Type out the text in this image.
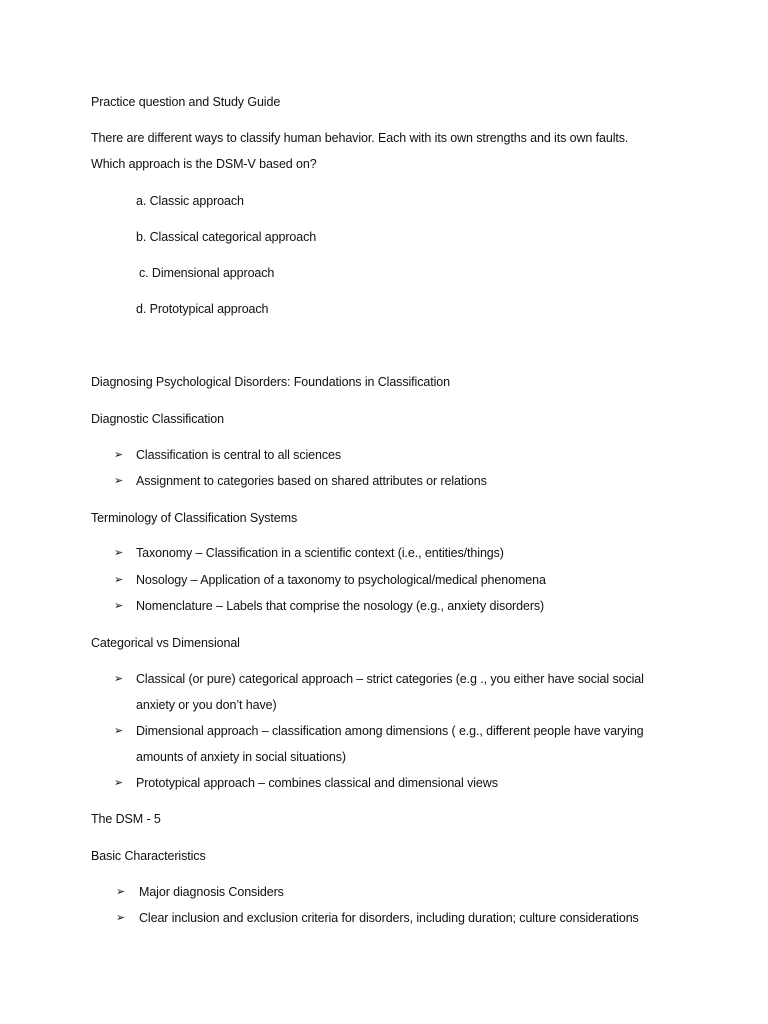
Practice question and Study Guide
There are different ways to classify human behavior. Each with its own strengths and its own faults.
Which approach is the DSM-V based on?
a. Classic approach
b. Classical categorical approach
c. Dimensional approach
d. Prototypical approach
Diagnosing Psychological Disorders: Foundations in Classification
Diagnostic Classification
➢ Classification is central to all sciences
➢ Assignment to categories based on shared attributes or relations
Terminology of Classification Systems
➢ Taxonomy – Classification in a scientific context (i.e., entities/things)
➢ Nosology – Application of a taxonomy to psychological/medical phenomena
➢ Nomenclature – Labels that comprise the nosology (e.g., anxiety disorders)
Categorical vs Dimensional
➢ Classical (or pure) categorical approach – strict categories (e.g ., you either have social social
anxiety or you don’t have)
➢ Dimensional approach – classification among dimensions ( e.g., different people have varying
amounts of anxiety in social situations)
➢ Prototypical approach – combines classical and dimensional views
The DSM - 5
Basic Characteristics
➢ Major diagnosis Considers
➢ Clear inclusion and exclusion criteria for disorders, including duration; culture considerations
